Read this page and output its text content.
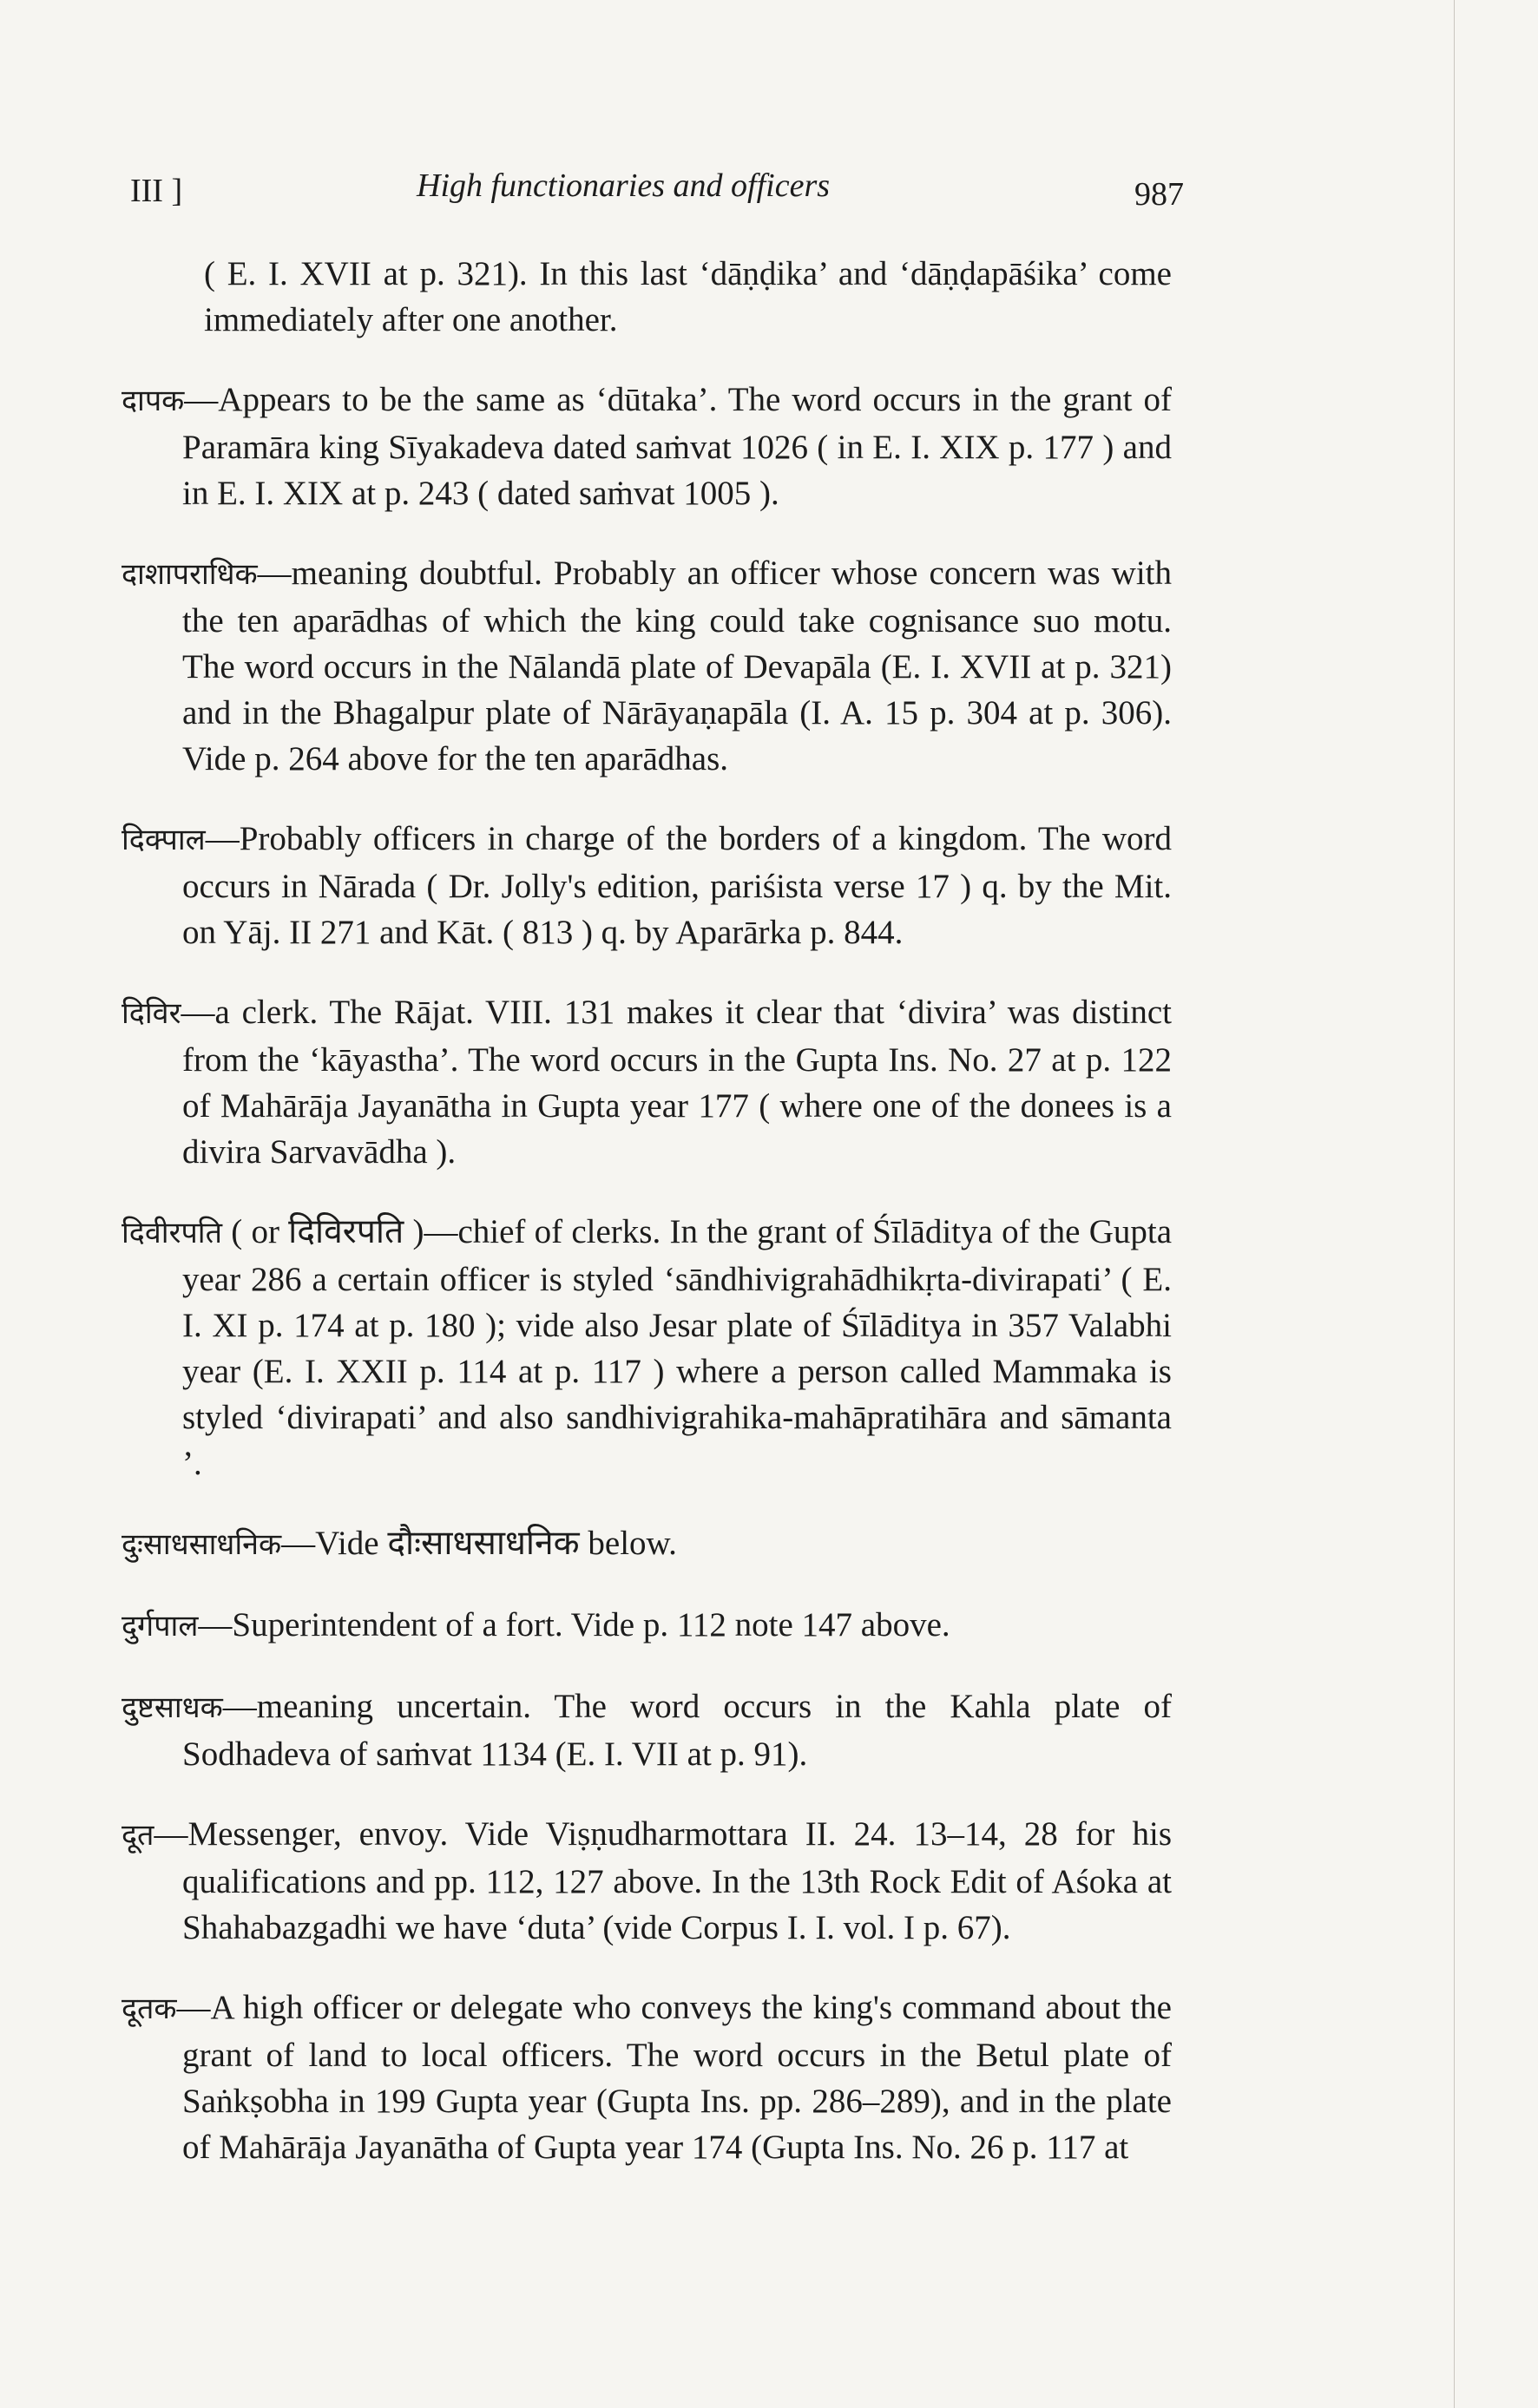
III ]	High functionaries and officers	987

( E. I. XVII at p. 321). In this last ‘dāṇḍika’ and ‘dāṇḍapāśika’ come immediately after one another.

दापक—Appears to be the same as ‘dūtaka’. The word occurs in the grant of Paramāra king Sīyakadeva dated saṁvat 1026 ( in E. I. XIX p. 177 ) and in E. I. XIX at p. 243 ( dated saṁvat 1005 ).

दाशापराधिक—meaning doubtful. Probably an officer whose concern was with the ten aparādhas of which the king could take cognisance suo motu. The word occurs in the Nālandā plate of Devapāla (E. I. XVII at p. 321) and in the Bhagalpur plate of Nārāyaṇapāla (I. A. 15 p. 304 at p. 306). Vide p. 264 above for the ten aparādhas.

दिक्पाल—Probably officers in charge of the borders of a kingdom. The word occurs in Nārada ( Dr. Jolly's edition, pariśista verse 17 ) q. by the Mit. on Yāj. II 271 and Kāt. ( 813 ) q. by Aparārka p. 844.

दिविर—a clerk. The Rājat. VIII. 131 makes it clear that ‘divira’ was distinct from the ‘kāyastha’. The word occurs in the Gupta Ins. No. 27 at p. 122 of Mahārāja Jayanātha in Gupta year 177 ( where one of the donees is a divira Sarvavādha ).

दिवीरपति ( or दिविरपति )—chief of clerks. In the grant of Śīlāditya of the Gupta year 286 a certain officer is styled ‘sāndhivigrahādhikṛta-divirapati’ ( E. I. XI p. 174 at p. 180 ); vide also Jesar plate of Śīlāditya in 357 Valabhi year (E. I. XXII p. 114 at p. 117 ) where a person called Mammaka is styled ‘divirapati’ and also sandhivigrahika-mahāpratihāra and sāmanta ’.

दुःसाधसाधनिक—Vide दौःसाधसाधनिक below.

दुर्गपाल—Superintendent of a fort. Vide p. 112 note 147 above.

दुष्टसाधक—meaning uncertain. The word occurs in the Kahla plate of Sodhadeva of saṁvat 1134 (E. I. VII at p. 91).

दूत—Messenger, envoy. Vide Viṣṇudharmottara II. 24. 13–14, 28 for his qualifications and pp. 112, 127 above. In the 13th Rock Edit of Aśoka at Shahabazgadhi we have ‘duta’ (vide Corpus I. I. vol. I p. 67).

दूतक—A high officer or delegate who conveys the king's command about the grant of land to local officers. The word occurs in the Betul plate of Saṅkṣobha in 199 Gupta year (Gupta Ins. pp. 286–289), and in the plate of Mahārāja Jayanātha of Gupta year 174 (Gupta Ins. No. 26 p. 117 at
